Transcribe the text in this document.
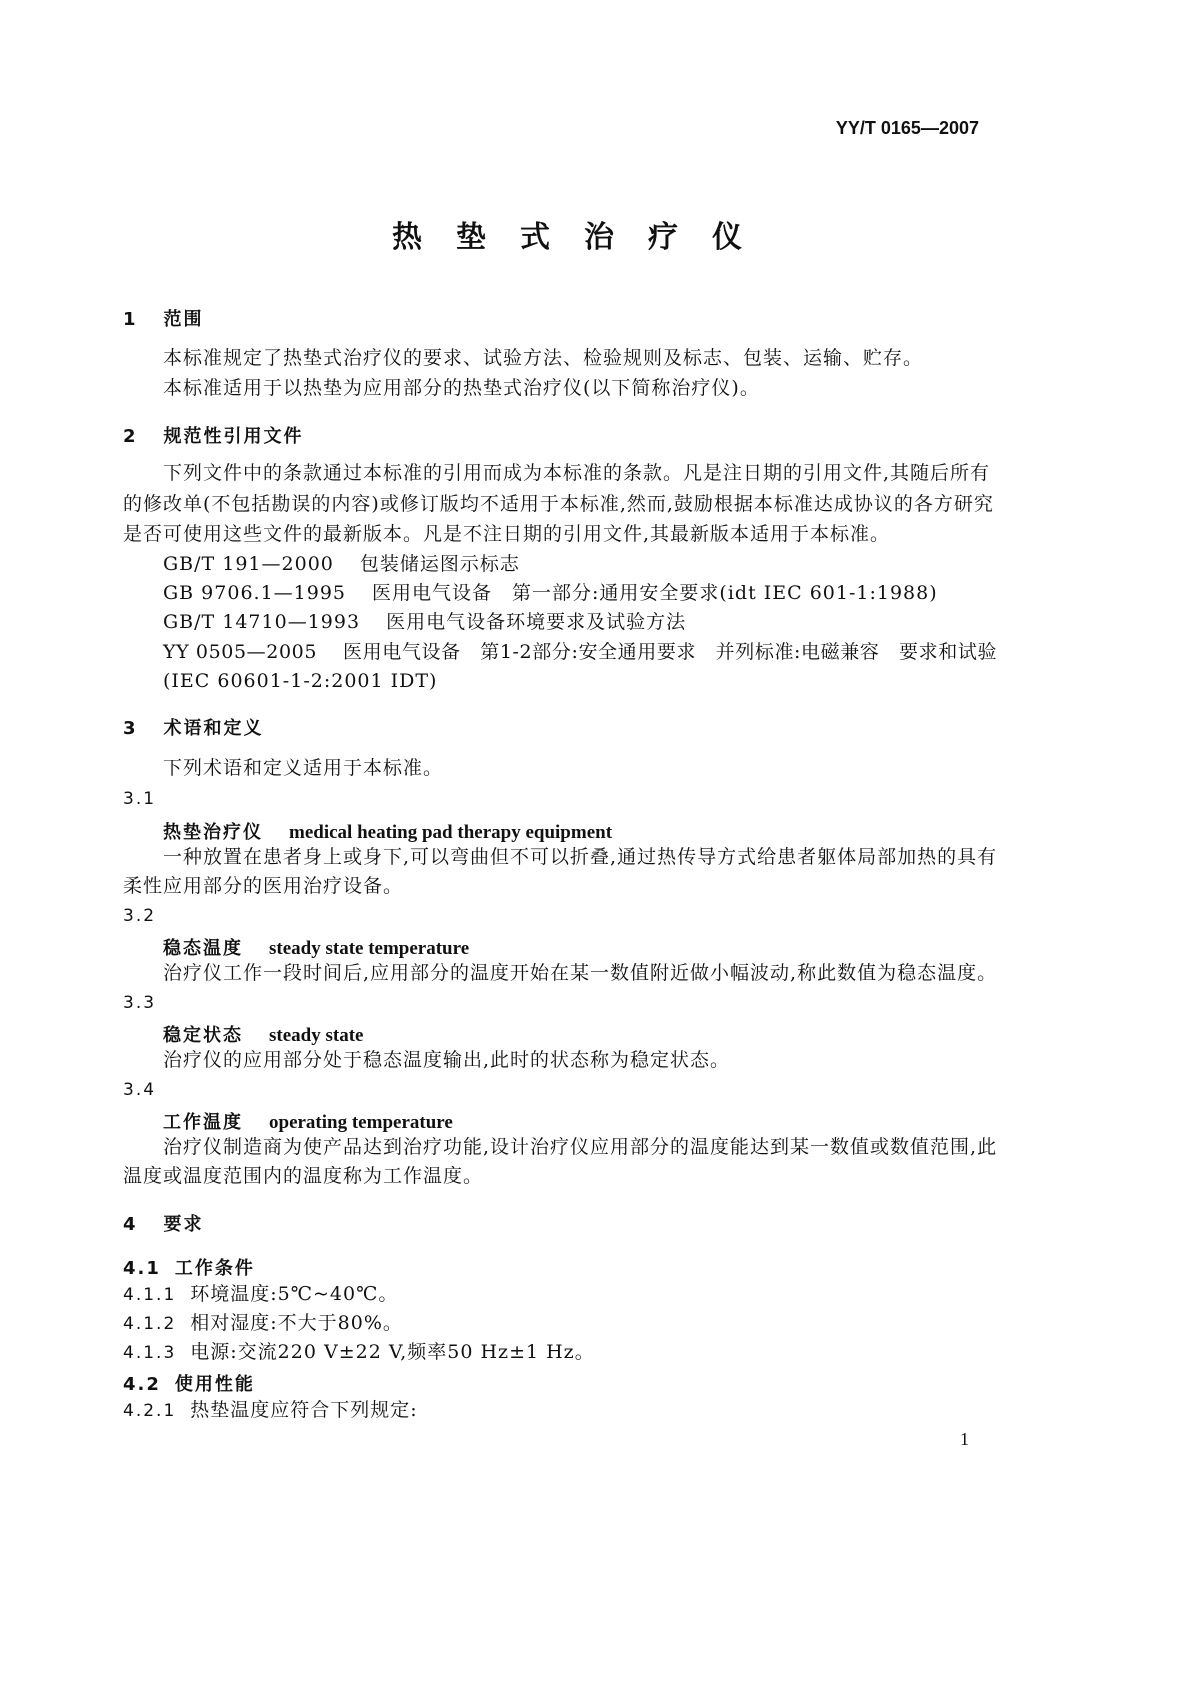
YY/T 0165—2007
热垫式治疗仪
1 范围
本标准规定了热垫式治疗仪的要求、试验方法、检验规则及标志、包装、运输、贮存。
本标准适用于以热垫为应用部分的热垫式治疗仪(以下简称治疗仪)。
2 规范性引用文件
下列文件中的条款通过本标准的引用而成为本标准的条款。凡是注日期的引用文件,其随后所有
的修改单(不包括勘误的内容)或修订版均不适用于本标准,然而,鼓励根据本标准达成协议的各方研究
是否可使用这些文件的最新版本。凡是不注日期的引用文件,其最新版本适用于本标准。
GB/T 191—2000 包装储运图示标志
GB 9706.1—1995 医用电气设备　第一部分:通用安全要求(idt IEC 601-1:1988)
GB/T 14710—1993 医用电气设备环境要求及试验方法
YY 0505—2005 医用电气设备　第1-2部分:安全通用要求　并列标准:电磁兼容　要求和试验
(IEC 60601-1-2:2001 IDT)
3 术语和定义
下列术语和定义适用于本标准。
3.1
热垫治疗仪 medical heating pad therapy equipment
一种放置在患者身上或身下,可以弯曲但不可以折叠,通过热传导方式给患者躯体局部加热的具有
柔性应用部分的医用治疗设备。
3.2
稳态温度 steady state temperature
治疗仪工作一段时间后,应用部分的温度开始在某一数值附近做小幅波动,称此数值为稳态温度。
3.3
稳定状态 steady state
治疗仪的应用部分处于稳态温度输出,此时的状态称为稳定状态。
3.4
工作温度 operating temperature
治疗仪制造商为使产品达到治疗功能,设计治疗仪应用部分的温度能达到某一数值或数值范围,此
温度或温度范围内的温度称为工作温度。
4 要求
4.1 工作条件
4.1.1 环境温度:5℃~40℃。
4.1.2 相对湿度:不大于80%。
4.1.3 电源:交流220 V±22 V,频率50 Hz±1 Hz。
4.2 使用性能
4.2.1 热垫温度应符合下列规定:
1
